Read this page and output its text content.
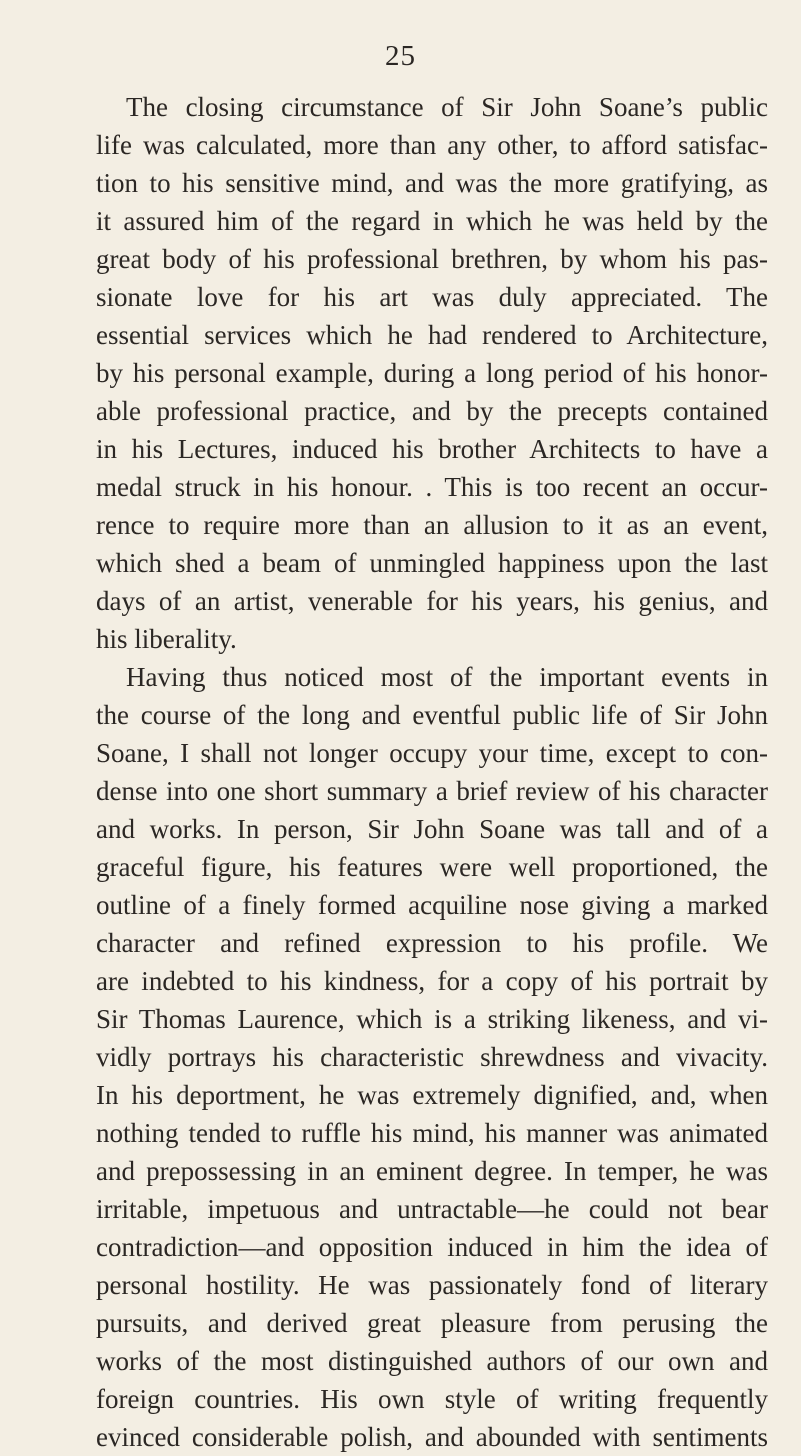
25
The closing circumstance of Sir John Soane’s public
life was calculated, more than any other, to afford satisfac-
tion to his sensitive mind, and was the more gratifying, as
it assured him of the regard in which he was held by the
great body of his professional brethren, by whom his pas-
sionate love for his art was duly appreciated. The
essential services which he had rendered to Architecture,
by his personal example, during a long period of his honor-
able professional practice, and by the precepts contained
in his Lectures, induced his brother Architects to have a
medal struck in his honour. . This is too recent an occur-
rence to require more than an allusion to it as an event,
which shed a beam of unmingled happiness upon the last
days of an artist, venerable for his years, his genius, and
his liberality.
Having thus noticed most of the important events in
the course of the long and eventful public life of Sir John
Soane, I shall not longer occupy your time, except to con-
dense into one short summary a brief review of his character
and works. In person, Sir John Soane was tall and of a
graceful figure, his features were well proportioned, the
outline of a finely formed acquiline nose giving a marked
character and refined expression to his profile. We
are indebted to his kindness, for a copy of his portrait by
Sir Thomas Laurence, which is a striking likeness, and vi-
vidly portrays his characteristic shrewdness and vivacity.
In his deportment, he was extremely dignified, and, when
nothing tended to ruffle his mind, his manner was animated
and prepossessing in an eminent degree. In temper, he was
irritable, impetuous and untractable—he could not bear
contradiction—and opposition induced in him the idea of
personal hostility. He was passionately fond of literary
pursuits, and derived great pleasure from perusing the
works of the most distinguished authors of our own and
foreign countries. His own style of writing frequently
evinced considerable polish, and abounded with sentiments
